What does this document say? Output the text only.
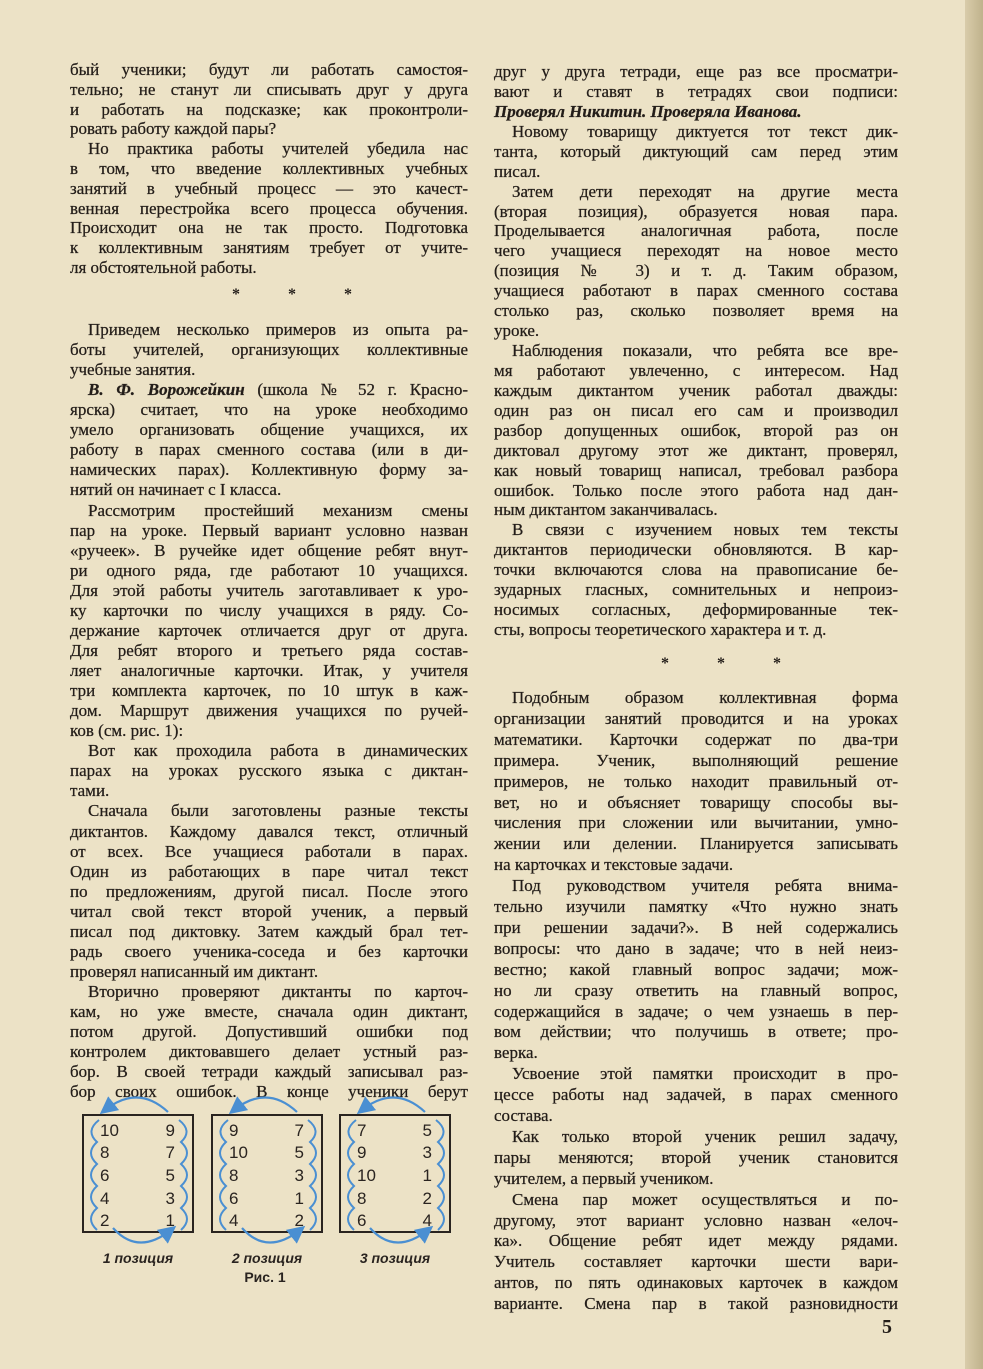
бый ученики; будут ли работать самостоя-
тельно; не станут ли списывать друг у друга
и работать на подсказке; как проконтроли-
ровать работу каждой пары?
Но практика работы учителей убедила нас
в том, что введение коллективных учебных
занятий в учебный процесс — это качест-
венная перестройка всего процесса обучения.
Происходит она не так просто. Подготовка
к коллективным занятиям требует от учите-
ля обстоятельной работы.
* * *
Приведем несколько примеров из опыта ра-
боты учителей, организующих коллективные
учебные занятия.
В. Ф. Ворожейкин (школа № 52 г. Красно-
ярска) считает, что на уроке необходимо
умело организовать общение учащихся, их
работу в парах сменного состава (или в ди-
намических парах). Коллективную форму за-
нятий он начинает с I класса.
Рассмотрим простейший механизм смены
пар на уроке. Первый вариант условно назван
«ручеек». В ручейке идет общение ребят внут-
ри одного ряда, где работают 10 учащихся.
Для этой работы учитель заготавливает к уро-
ку карточки по числу учащихся в ряду. Со-
держание карточек отличается друг от друга.
Для ребят второго и третьего ряда состав-
ляет аналогичные карточки. Итак, у учителя
три комплекта карточек, по 10 штук в каж-
дом. Маршрут движения учащихся по ручей-
ков (см. рис. 1):
Вот как проходила работа в динамических
парах на уроках русского языка с диктан-
тами.
Сначала были заготовлены разные тексты
диктантов. Каждому давался текст, отличный
от всех. Все учащиеся работали в парах.
Один из работающих в паре читал текст
по предложениям, другой писал. После этого
читал свой текст второй ученик, а первый
писал под диктовку. Затем каждый брал тет-
радь своего ученика-соседа и без карточки
проверял написанный им диктант.
Вторично проверяют диктанты по карточ-
кам, но уже вместе, сначала один диктант,
потом другой. Допустивший ошибки под
контролем диктовавшего делает устный раз-
бор. В своей тетради каждый записывал раз-
бор своих ошибок. В конце ученики берут
друг у друга тетради, еще раз все просматри-
вают и ставят в тетрадях свои подписи:
Проверял Никитин. Проверяла Иванова.
Новому товарищу диктуется тот текст дик-
танта, который диктующий сам перед этим
писал.
Затем дети переходят на другие места
(вторая позиция), образуется новая пара.
Проделывается аналогичная работа, после
чего учащиеся переходят на новое место
(позиция № 3) и т. д. Таким образом,
учащиеся работают в парах сменного состава
столько раз, сколько позволяет время на
уроке.
Наблюдения показали, что ребята все вре-
мя работают увлеченно, с интересом. Над
каждым диктантом ученик работал дважды:
один раз он писал его сам и производил
разбор допущенных ошибок, второй раз он
диктовал другому этот же диктант, проверял,
как новый товарищ написал, требовал разбора
ошибок. Только после этого работа над дан-
ным диктантом заканчивалась.
В связи с изучением новых тем тексты
диктантов периодически обновляются. В кар-
точки включаются слова на правописание бе-
зударных гласных, сомнительных и непроиз-
носимых согласных, деформированные тек-
сты, вопросы теоретического характера и т. д.
* * *
Подобным образом коллективная форма
организации занятий проводится и на уроках
математики. Карточки содержат по два-три
примера. Ученик, выполняющий решение
примеров, не только находит правильный от-
вет, но и объясняет товарищу способы вы-
числения при сложении или вычитании, умно-
жении или делении. Планируется записывать
на карточках и текстовые задачи.
Под руководством учителя ребята внима-
тельно изучили памятку «Что нужно знать
при решении задачи?». В ней содержались
вопросы: что дано в задаче; что в ней неиз-
вестно; какой главный вопрос задачи; мож-
но ли сразу ответить на главный вопрос,
содержащийся в задаче; о чем узнаешь в пер-
вом действии; что получишь в ответе; про-
верка.
Усвоение этой памятки происходит в про-
цессе работы над задачей, в парах сменного
состава.
Как только второй ученик решил задачу,
пары меняются; второй ученик становится
учителем, а первый учеником.
Смена пар может осуществляться и по-
другому, этот вариант условно назван «елоч-
ка». Общение ребят идет между рядами.
Учитель составляет карточки шести вари-
антов, по пять одинаковых карточек в каждом
варианте. Смена пар в такой разновидности
10	9
8	7
6	5
4	3
2	1
1 позиция
9	7
10	5
8	3
6	1
4	2
2 позиция
7	5
9	3
10	1
8	2
6	4
3 позиция
Рис. 1
5
